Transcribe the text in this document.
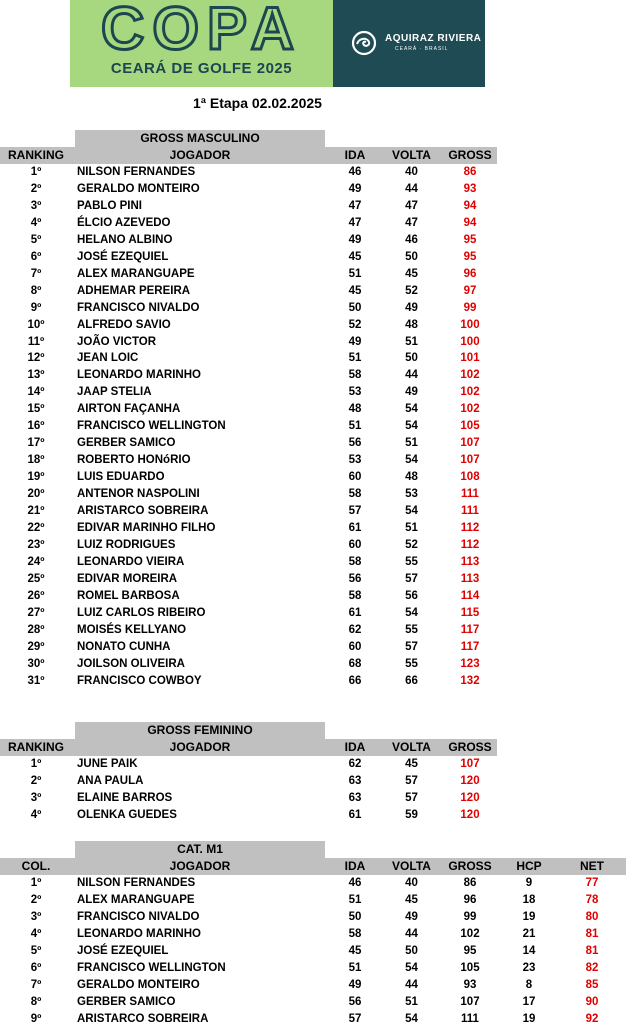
COPA
CEARÁ DE GOLFE 2025
AQUIRAZ RIVIERA
CEARÁ · BRASIL
1ª Etapa 02.02.2025
GROSS MASCULINO
RANKING	JOGADOR	IDA	VOLTA	GROSS
1º	NILSON FERNANDES	46	40	86
2º	GERALDO MONTEIRO	49	44	93
3º	PABLO PINI	47	47	94
4º	ÉLCIO AZEVEDO	47	47	94
5º	HELANO ALBINO	49	46	95
6º	JOSÉ EZEQUIEL	45	50	95
7º	ALEX MARANGUAPE	51	45	96
8º	ADHEMAR PEREIRA	45	52	97
9º	FRANCISCO NIVALDO	50	49	99
10º	ALFREDO SAVIO	52	48	100
11º	JOÃO VICTOR	49	51	100
12º	JEAN LOIC	51	50	101
13º	LEONARDO MARINHO	58	44	102
14º	JAAP STELIA	53	49	102
15º	AIRTON FAÇANHA	48	54	102
16º	FRANCISCO WELLINGTON	51	54	105
17º	GERBER SAMICO	56	51	107
18º	ROBERTO HONóRIO	53	54	107
19º	LUIS EDUARDO	60	48	108
20º	ANTENOR NASPOLINI	58	53	111
21º	ARISTARCO SOBREIRA	57	54	111
22º	EDIVAR MARINHO FILHO	61	51	112
23º	LUIZ RODRIGUES	60	52	112
24º	LEONARDO VIEIRA	58	55	113
25º	EDIVAR MOREIRA	56	57	113
26º	ROMEL BARBOSA	58	56	114
27º	LUIZ CARLOS RIBEIRO	61	54	115
28º	MOISÉS KELLYANO	62	55	117
29º	NONATO CUNHA	60	57	117
30º	JOILSON OLIVEIRA	68	55	123
31º	FRANCISCO COWBOY	66	66	132
GROSS FEMININO
RANKING	JOGADOR	IDA	VOLTA	GROSS
1º	JUNE PAIK	62	45	107
2º	ANA PAULA	63	57	120
3º	ELAINE BARROS	63	57	120
4º	OLENKA GUEDES	61	59	120
CAT. M1
COL.	JOGADOR	IDA	VOLTA	GROSS	HCP	NET
1º	NILSON FERNANDES	46	40	86	9	77
2º	ALEX MARANGUAPE	51	45	96	18	78
3º	FRANCISCO NIVALDO	50	49	99	19	80
4º	LEONARDO MARINHO	58	44	102	21	81
5º	JOSÉ EZEQUIEL	45	50	95	14	81
6º	FRANCISCO WELLINGTON	51	54	105	23	82
7º	GERALDO MONTEIRO	49	44	93	8	85
8º	GERBER SAMICO	56	51	107	17	90
9º	ARISTARCO SOBREIRA	57	54	111	19	92
